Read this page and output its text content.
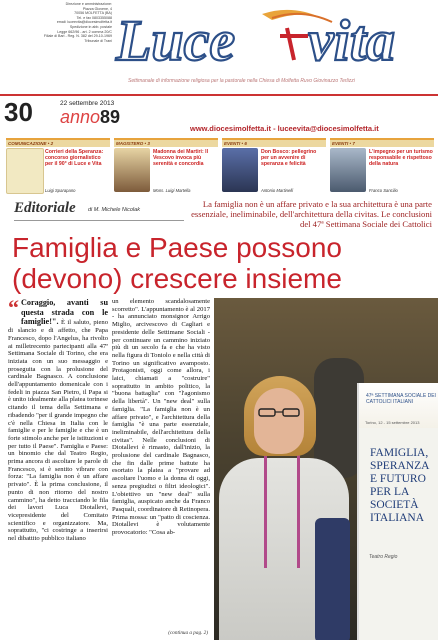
Direzione e amministrazione:
Piazza Giovene, 4
70056 MOLFETTA (BA)
Tel. e fax 0803355088
email: luceevita@diocesimolfetta.it
Spedizione in abb. postale
Legge 662/96 - art. 2 comma 20/C
Filiale di Bari - Reg. N. 382 del 29-10-1969
Tribunale di Trani Luce vita
Settimanale di informazione religiosa per la pastorale nella Chiesa di Molfetta Ruvo Giovinazzo Terlizzi
30	22 settembre 2013
anno89
www.diocesimolfetta.it - luceevita@diocesimolfetta.it
COMUNICAZIONE • 2
Corrieri della Speranza: concorso giornalistico per il 90° di Luce e Vita
Luigi Sparapano
MAGISTERO • 3
Madonna dei Martiri: Il Vescovo invoca più serenità e concordia
Mons. Luigi Martella
EVENTI • 6
Don Bosco: pellegrino per un avvenire di speranza e felicità
Antonio Martinelli
EVENTI • 7
L'impegno per un turismo responsabile e rispettoso della natura
Franco Sancilio
Editoriale di M. Michele Nicolak
La famiglia non è un affare privato e la sua architettura è una parte essenziale, ineliminabile, dell'architettura della civitas. Le conclusioni del 47ª Settimana Sociale dei Cattolici
Famiglia e Paese possono
(devono) crescere insieme
“ Coraggio, avanti su questa strada con le famiglie!". È il saluto, pieno di slancio e di affetto, che Papa Francesco, dopo l'Angelus, ha rivolto ai milletrecento partecipanti alla 47ª Settimana Sociale di Torino, che era iniziata con un suo messaggio e proseguita con la prolusione del cardinale Bagnasco. A conclusione dell'appuntamento domenicale con i fedeli in piazza San Pietro, il Papa si è unito idealmente alla platea torinese citando il tema della Settimana e ribadendo "per il grande impegno che c'è nella Chiesa in Italia con le famiglie e per le famiglie e che è un forte stimolo anche per le istituzioni e per tutto il Paese". Famiglia e Paese: un binomio che dal Teatro Regio, prima ancora di ascoltare le parole di Francesco, si è sentito vibrare con forza: "La famiglia non è un affare privato". È la prima conclusione, il punto di non ritorno del nostro cammino", ha detto tracciando le fila dei lavori Luca Diotallevi, vicepresidente del Comitato scientifico e organizzatore. Ma, soprattutto, "ci costringe a inserirsi nel dibattito pubblico italiano
un elemento scandalosamente scorretto". L'appuntamento è al 2017 - ha annunciato monsignor Arrigo Miglio, arcivescovo di Cagliari e presidente delle Settimane Sociali - per continuare un cammino iniziato più di un secolo fa e che ha visto nella figura di Toniolo e nella città di Torino un significativo avamposto. Protagonisti, oggi come allora, i laici, chiamati a "costruire" soprattutto in ambito politico, la "buona battaglia" con "l'agonismo della libertà". Un "new deal" sulla famiglia. "La famiglia non è un affare privato", e l'architettura della famiglia "è una parte essenziale, ineliminabile, dell'architettura della civitas". Nelle conclusioni di Diotallevi è rimasto, dall'inizio, la prolusione del cardinale Bagnasco, che fin dalle prime battute ha esortato la platea a "provare ad ascoltare l'uomo e la donna di oggi, senza pregiudizi o filtri ideologici". L'obiettivo un "new deal" sulla famiglia, auspicato anche da Franco Pasquali, coordinatore di Retinopera. Prima mossa: un "patto di coscienza. Diotallevi è volutamente provocatorio: "Cosa ab-
(continua a pag. 2)
47ª SETTIMANA SOCIALE DEI CATTOLICI ITALIANI
Torino, 12 - 15 settembre 2013
FAMIGLIA,
SPERANZA
E FUTURO
PER LA
SOCIETÀ
ITALIANA
Teatro Regio
